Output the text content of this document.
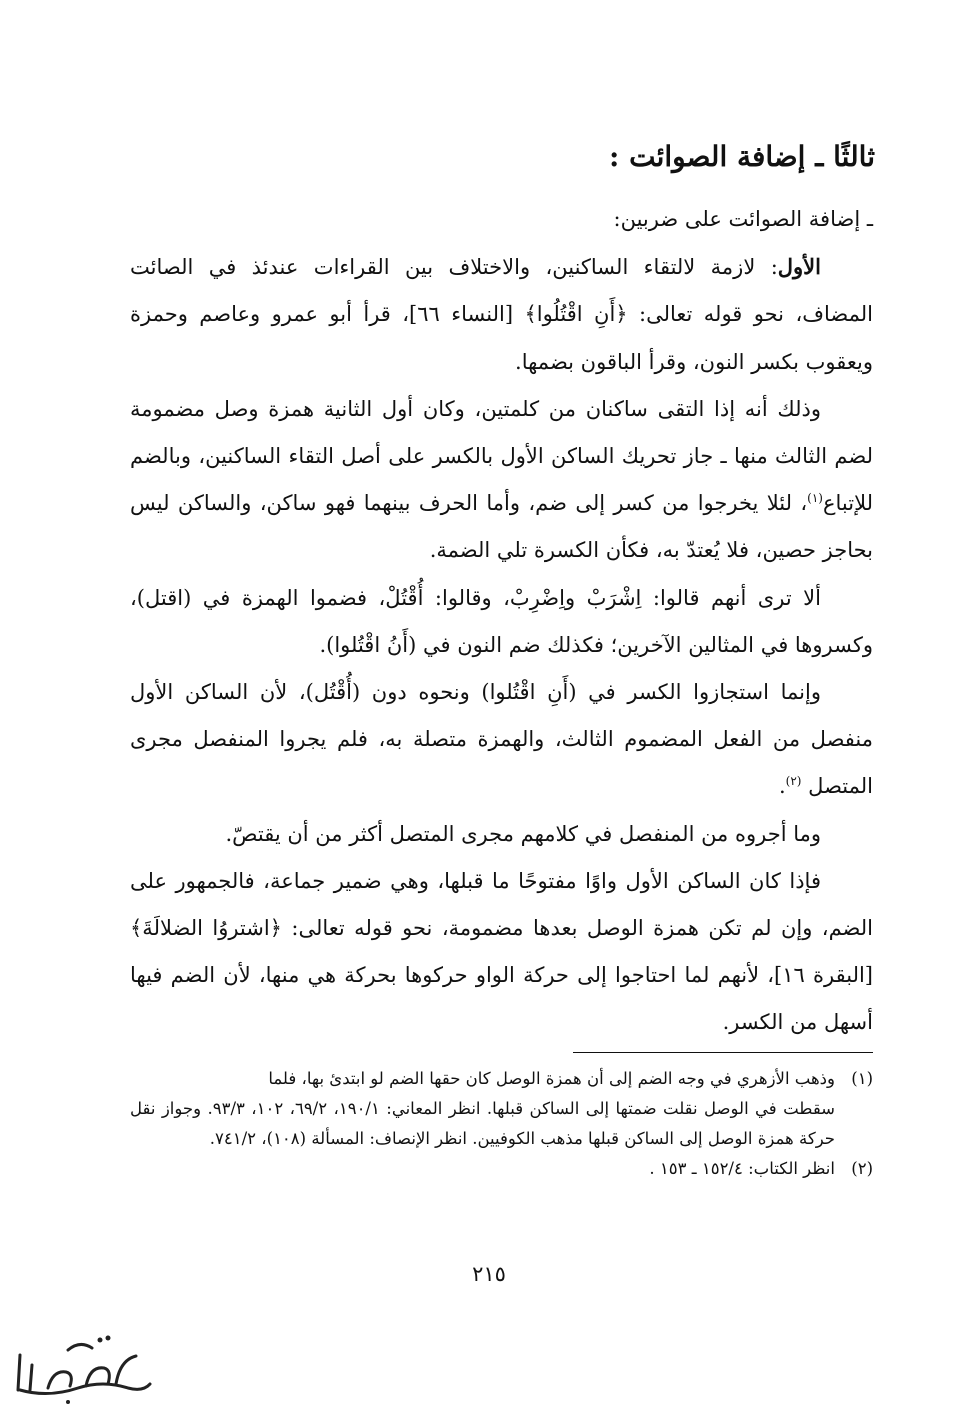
ثالثًا ـ إضافة الصوائت :

ـ إضافة الصوائت على ضربين:

الأول: لازمة لالتقاء الساكنين، والاختلاف بين القراءات عندئذ في الصائت المضاف، نحو قوله تعالى: ﴿أَنِ اقْتُلُوا﴾ [النساء ٦٦]، قرأ أبو عمرو وعاصم وحمزة ويعقوب بكسر النون، وقرأ الباقون بضمها.

وذلك أنه إذا التقى ساكنان من كلمتين، وكان أول الثانية همزة وصل مضمومة لضم الثالث منها ـ جاز تحريك الساكن الأول بالكسر على أصل التقاء الساكنين، وبالضم للإتباع$^{(١)}$، لئلا يخرجوا من كسر إلى ضم، وأما الحرف بينهما فهو ساكن، والساكن ليس بحاجز حصين، فلا يُعتدّ به، فكأن الكسرة تلي الضمة.

ألا ترى أنهم قالوا: اِشْرَبْ واِضْرِبْ، وقالوا: أُقْتُلْ، فضموا الهمزة في (اقتل)، وكسروها في المثالين الآخرين؛ فكذلك ضم النون في (أَنُ اقْتُلوا).

وإنما استجازوا الكسر في (أَنِ اقْتُلوا) ونحوه دون (أُقْتُل)، لأن الساكن الأول منفصل من الفعل المضموم الثالث، والهمزة متصلة به، فلم يجروا المنفصل مجرى المتصل $^{(٢)}$.

وما أجروه من المنفصل في كلامهم مجرى المتصل أكثر من أن يقتصّ.

فإذا كان الساكن الأول واوًا مفتوحًا ما قبلها، وهي ضمير جماعة، فالجمهور على الضم، وإن لم تكن همزة الوصل بعدها مضمومة، نحو قوله تعالى: ﴿اشتروُا الضلالَةَ﴾ [البقرة ١٦]، لأنهم لما احتاجوا إلى حركة الواو حركوها بحركة هي منها، لأن الضم فيها أسهل من الكسر.

(١)وذهب الأزهري في وجه الضم إلى أن همزة الوصل كان حقها الضم لو ابتدئ بها، فلما

سقطت في الوصل نقلت ضمتها إلى الساكن قبلها. انظر المعاني: ١٩٠/١، ٦٩/٢، ١٠٢، ٩٣/٣. وجواز نقل حركة همزة الوصل إلى الساكن قبلها مذهب الكوفيين. انظر الإنصاف: المسألة (١٠٨)، ٧٤١/٢.

(٢)انظر الكتاب: ١٥٢/٤ ـ ١٥٣ .

٢١٥
